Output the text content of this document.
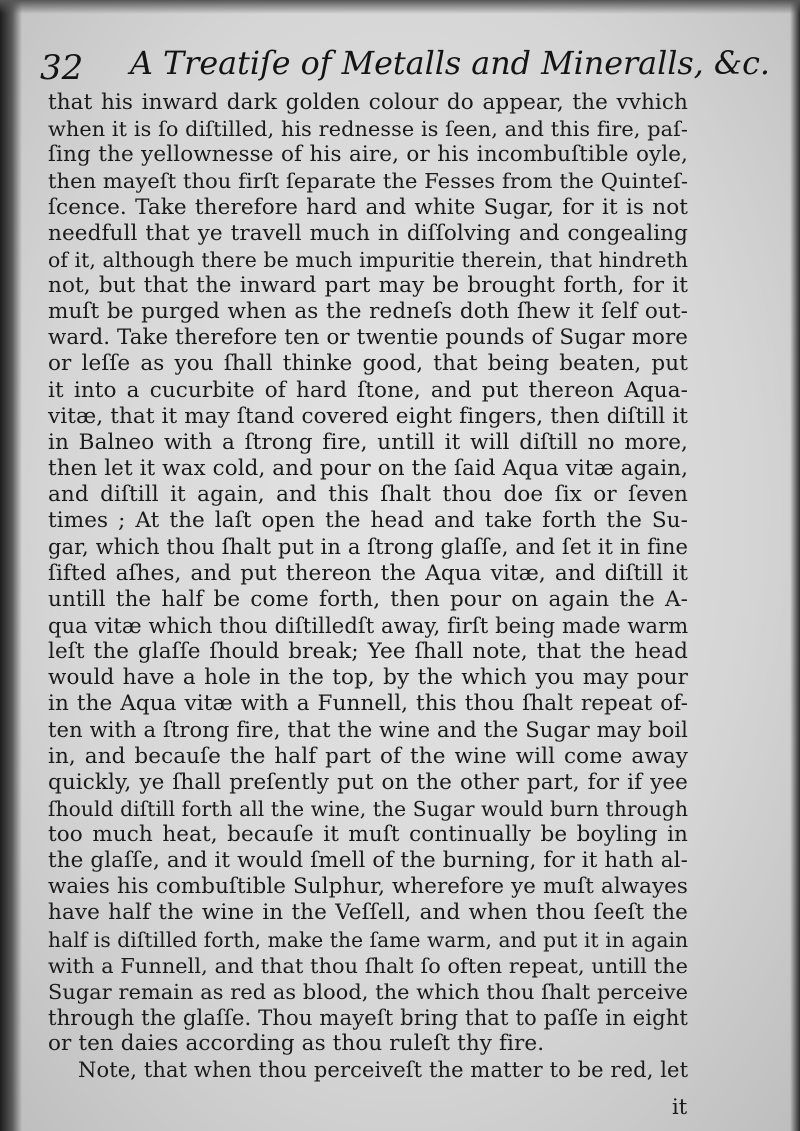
32 A Treatiſe of Metalls and Mineralls, &c.
that his inward dark golden colour do appear, the vvhich
when it is ſo diſtilled, his rednesse is ſeen, and this fire, paſ-
ſing the yellownesse of his aire, or his incombuſtible oyle,
then mayeſt thou firſt ſeparate the Fesses from the Quinteſ-
ſcence. Take therefore hard and white Sugar, for it is not
needfull that ye travell much in diſſolving and congealing
of it, although there be much impuritie therein, that hindreth
not, but that the inward part may be brought forth, for it
muſt be purged when as the redneſs doth ſhew it ſelf out-
ward. Take therefore ten or twentie pounds of Sugar more
or leſſe as you ſhall thinke good, that being beaten, put
it into a cucurbite of hard ſtone, and put thereon Aqua-
vitæ, that it may ſtand covered eight fingers, then diſtill it
in Balneo with a ſtrong fire, untill it will diſtill no more,
then let it wax cold, and pour on the ſaid Aqua vitæ again,
and diſtill it again, and this ſhalt thou doe ſix or ſeven
times ; At the laſt open the head and take forth the Su-
gar, which thou ſhalt put in a ſtrong glaſſe, and ſet it in fine
ſifted aſhes, and put thereon the Aqua vitæ, and diſtill it
untill the half be come forth, then pour on again the A-
qua vitæ which thou diſtilledſt away, firſt being made warm
leſt the glaſſe ſhould break; Yee ſhall note, that the head
would have a hole in the top, by the which you may pour
in the Aqua vitæ with a Funnell, this thou ſhalt repeat of-
ten with a ſtrong fire, that the wine and the Sugar may boil
in, and becauſe the half part of the wine will come away
quickly, ye ſhall preſently put on the other part, for if yee
ſhould diſtill forth all the wine, the Sugar would burn through
too much heat, becauſe it muſt continually be boyling in
the glaſſe, and it would ſmell of the burning, for it hath al-
waies his combuſtible Sulphur, wherefore ye muſt alwayes
have half the wine in the Veſſell, and when thou ſeeſt the
half is diſtilled forth, make the ſame warm, and put it in again
with a Funnell, and that thou ſhalt ſo often repeat, untill the
Sugar remain as red as blood, the which thou ſhalt perceive
through the glaſſe. Thou mayeſt bring that to paſſe in eight
or ten daies according as thou ruleſt thy fire.
Note, that when thou perceiveſt the matter to be red, let
it
